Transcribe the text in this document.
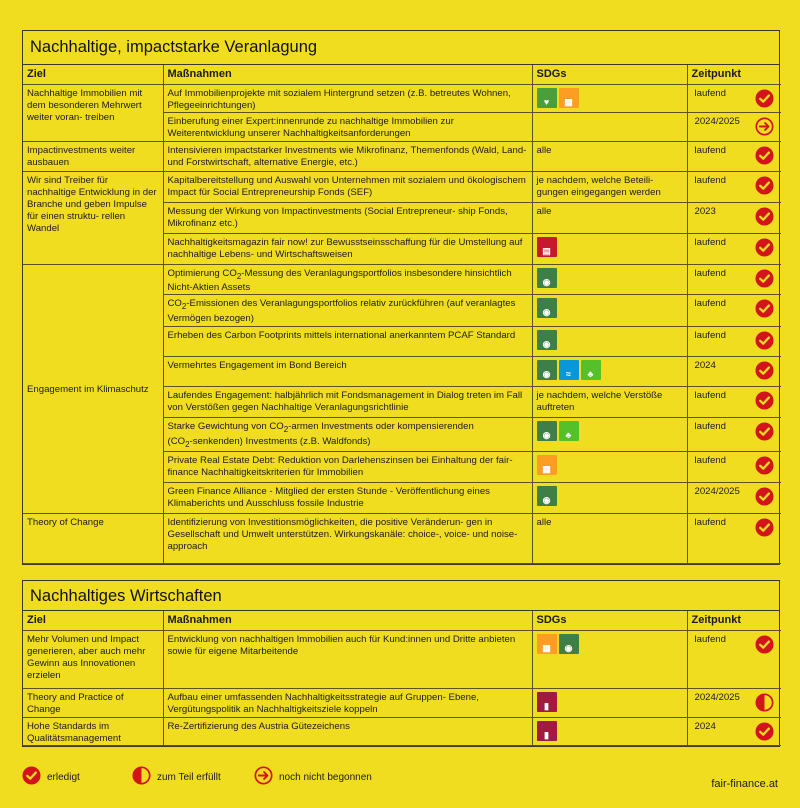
Nachhaltige, impactstarke Veranlagung
Ziel	Maßnahmen	SDGs	Zeitpunkt
Nachhaltige Immobilien mit dem besonderen Mehrwert weiter voran- treiben	Auf Immobilienprojekte mit sozialem Hintergrund setzen (z.B. betreutes Wohnen, Pflegeeinrichtungen)	♥ ▦	laufend

	Einberufung einer Expert:innenrunde zu nachhaltige Immobilien zur Weiterentwicklung unserer Nachhaltigkeitsanforderungen		2024/2025

Impactinvestments weiter ausbauen	Intensivieren impactstarker Investments wie Mikrofinanz, Themenfonds (Wald, Land- und Forstwirtschaft, alternative Energie, etc.)	alle	laufend

Wir sind Treiber für nachhaltige Entwicklung in der Branche und geben Impulse für einen struktu- rellen Wandel	Kapitalbereitstellung und Auswahl von Unternehmen mit sozialem und ökologischem Impact für Social Entrepreneurship Fonds (SEF)	je nachdem, welche Beteili- gungen eingegangen werden	laufend

	Messung der Wirkung von Impactinvestments (Social Entrepreneur- ship Fonds, Mikrofinanz etc.)	alle	2023

	Nachhaltigkeitsmagazin fair now! zur Bewusstseinsschaffung für die Umstellung auf nachhaltige Lebens- und Wirtschaftsweisen	▤	laufend

Engagement im Klimaschutz	Optimierung $CO_2$-Messung des Veranlagungsportfolios insbesondere hinsichtlich Nicht-Aktien Assets	◉	laufend

	$CO_2$-Emissionen des Veranlagungsportfolios relativ zurückführen (auf veranlagtes Vermögen bezogen)	◉	laufend

	Erheben des Carbon Footprints mittels international anerkanntem PCAF Standard	◉	laufend

	Vermehrtes Engagement im Bond Bereich	◉ ≈ ♣	2024

	Laufendes Engagement: halbjährlich mit Fondsmanagement in Dialog treten im Fall von Verstößen gegen Nachhaltige Veranlagungsrichtlinie	je nachdem, welche Verstöße auftreten	laufend

	Starke Gewichtung von $CO_2$-armen Investments oder kompensierenden
$(CO_2-senkenden)$ Investments (z.B. Waldfonds)	◉ ♣	laufend

	Private Real Estate Debt: Reduktion von Darlehenszinsen bei Einhaltung der fair-finance Nachhaltigkeitskriterien für Immobilien	▦	laufend

	Green Finance Alliance - Mitglied der ersten Stunde - Veröffentlichung eines Klimaberichts und Ausschluss fossile Industrie	◉	2024/2025

Theory of Change	Identifizierung von Investitionsmöglichkeiten, die positive Veränderun- gen in Gesellschaft und Umwelt unterstützen. Wirkungskanäle: choice-, voice- und noise-approach	alle	laufend
Nachhaltiges Wirtschaften
Ziel	Maßnahmen	SDGs	Zeitpunkt
Mehr Volumen und Impact generieren, aber auch mehr Gewinn aus Innovationen erzielen	Entwicklung von nachhaltigen Immobilien auch für Kund:innen und Dritte anbieten sowie für eigene Mitarbeitende	▦ ◉	laufend

Theory and Practice of Change	Aufbau einer umfassenden Nachhaltigkeitsstrategie auf Gruppen- Ebene, Vergütungspolitik an Nachhaltigkeitsziele koppeln	▮	2024/2025

Hohe Standards im Qualitätsmanagement	Re-Zertifizierung des Austria Gütezeichens	▮	2024
erledigt	zum Teil erfüllt	noch nicht begonnen
fair-finance.at
